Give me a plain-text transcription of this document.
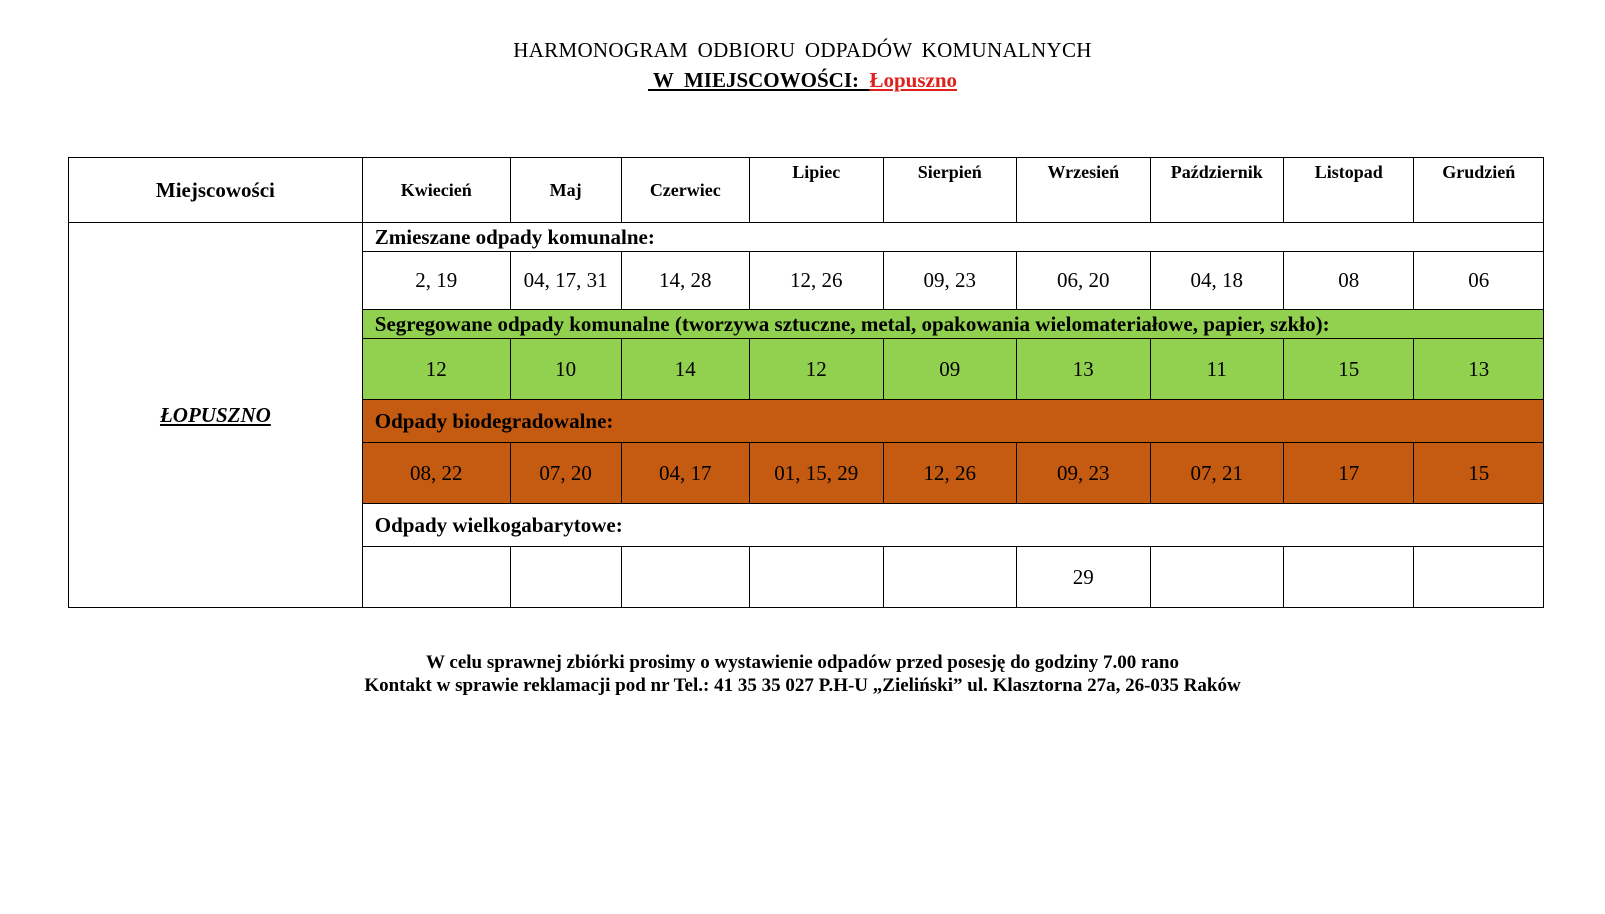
HARMONOGRAM ODBIORU ODPADÓW KOMUNALNYCH
W  MIEJSCOWOŚCI:  Łopuszno
Miejscowości	Kwiecień	Maj	Czerwiec	Lipiec	Sierpień	Wrzesień	Październik	Listopad	Grudzień
ŁOPUSZNO	Zmieszane odpady komunalne:								
	2, 19	04, 17, 31	14, 28	12, 26	09, 23	06, 20	04, 18	08	06
	Segregowane odpady komunalne (tworzywa sztuczne, metal, opakowania wielomateriałowe, papier, szkło):								
	12	10	14	12	09	13	11	15	13
	Odpady biodegradowalne:								
	08, 22	07, 20	04, 17	01, 15, 29	12, 26	09, 23	07, 21	17	15
	Odpady wielkogabarytowe:								
						29			
W celu sprawnej zbiórki prosimy o wystawienie odpadów przed posesję do godziny 7.00 rano
Kontakt w sprawie reklamacji pod nr Tel.: 41 35 35 027 P.H-U „Zieliński” ul. Klasztorna 27a, 26-035 Raków
